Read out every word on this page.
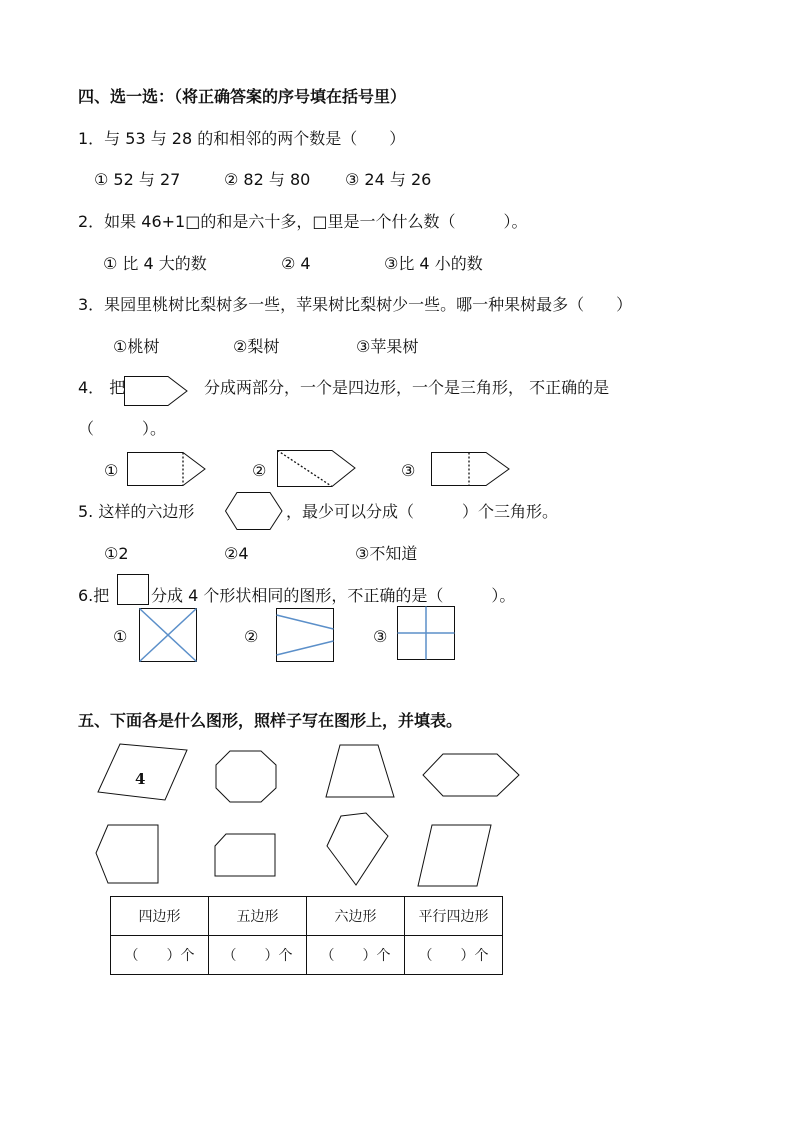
四、选一选：（将正确答案的序号填在括号里）
1．与 53 与 28 的和相邻的两个数是（　　）
① 52 与 27	② 82 与 80 ③ 24 与 26
2．如果 46+1□的和是六十多，□里是一个什么数（　　　）。
① 比 4 大的数	② 4	③比 4 小的数
3．果园里桃树比梨树多一些，苹果树比梨树少一些。哪一种果树最多（　　）
①桃树	②梨树	③苹果树
4． 把	分成两部分，一个是四边形，一个是三角形， 不正确的是
（　　　）。
①	②	③
5. 这样的六边形	，最少可以分成（　　　）个三角形。
①2	②4	③不知道
6.把	分成 4 个形状相同的图形，不正确的是（　　　）。
①	②	③
五、下面各是什么图形，照样子写在图形上，并填表。
4
四边形	五边形	六边形	平行四边形
（　　）个	（　　）个	（　　）个	（　　）个
